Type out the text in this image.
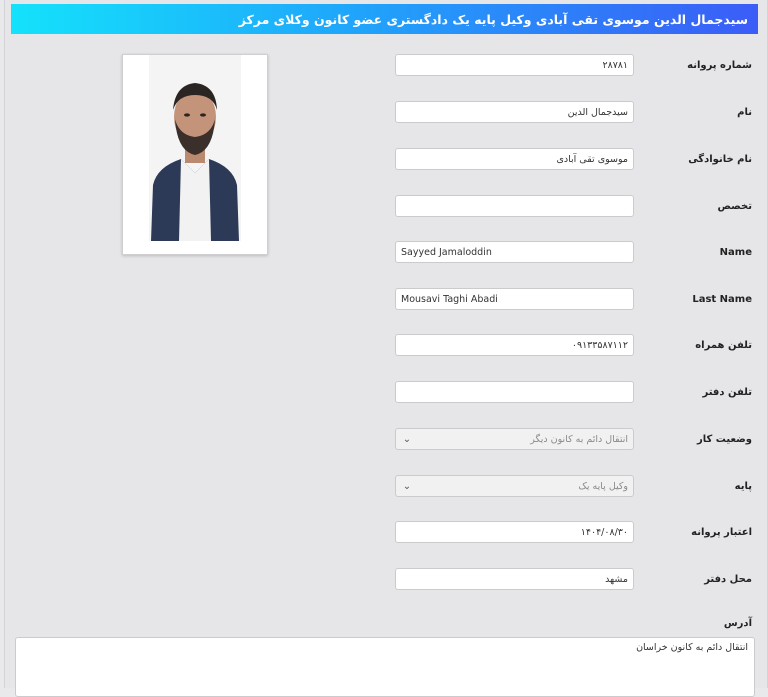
سیدجمال الدین موسوی تقی آبادی وکیل پایه یک دادگستری عضو کانون وکلای مرکز
شماره پروانه
۲۸۷۸۱
نام
سیدجمال الدین
نام خانوادگی
موسوی تقی آبادی
تخصص
Name
Sayyed Jamaloddin
Last Name
Mousavi Taghi Abadi
تلفن همراه
۰۹۱۳۳۵۸۷۱۱۲
تلفن دفتر
وضعیت کار
⌄	انتقال دائم به کانون دیگر
پایه
⌄	وکیل پایه یک
اعتبار پروانه
۱۴۰۴/۰۸/۳۰
محل دفتر
مشهد
آدرس
انتقال دائم به کانون خراسان
